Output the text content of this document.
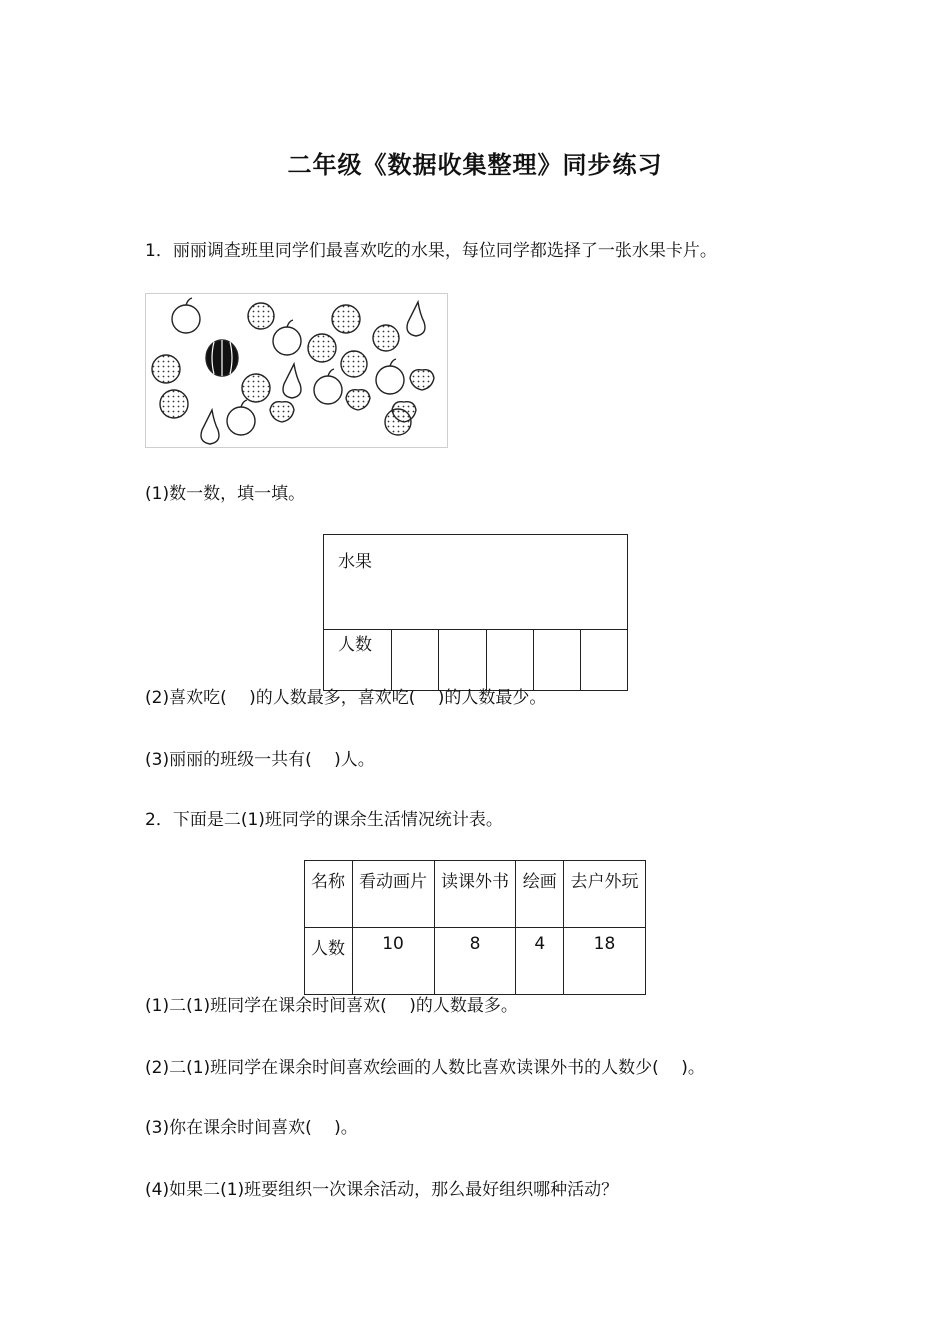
二年级《数据收集整理》同步练习
1．丽丽调查班里同学们最喜欢吃的水果，每位同学都选择了一张水果卡片。
(1)数一数，填一填。
水果
人数					
(2)喜欢吃(　 )的人数最多，喜欢吃(　 )的人数最少。
(3)丽丽的班级一共有(　 )人。
2．下面是二(1)班同学的课余生活情况统计表。
名称	看动画片	读课外书	绘画	去户外玩
人数	10	8	4	18
(1)二(1)班同学在课余时间喜欢(　 )的人数最多。
(2)二(1)班同学在课余时间喜欢绘画的人数比喜欢读课外书的人数少(　 )。
(3)你在课余时间喜欢(　 )。
(4)如果二(1)班要组织一次课余活动，那么最好组织哪种活动？
